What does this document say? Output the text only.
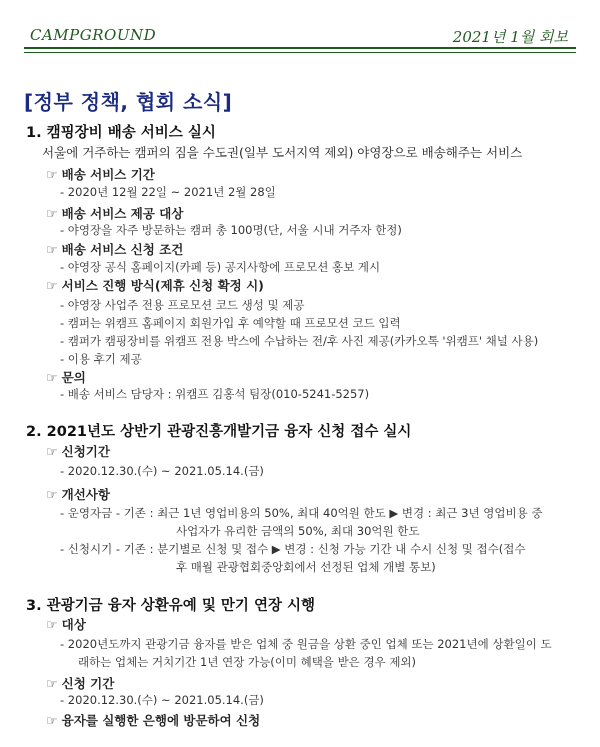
CAMPGROUND	2021년 1월 회보
[정부 정책, 협회 소식]
1. 캠핑장비 배송 서비스 실시
서울에 거주하는 캠퍼의 짐을 수도권(일부 도서지역 제외) 야영장으로 배송해주는 서비스
☞ 배송 서비스 기간
- 2020년 12월 22일 ~ 2021년 2월 28일
☞ 배송 서비스 제공 대상
- 야영장을 자주 방문하는 캠퍼 총 100명(단, 서울 시내 거주자 한정)
☞ 배송 서비스 신청 조건
- 야영장 공식 홈페이지(카페 등) 공지사항에 프로모션 홍보 게시
☞ 서비스 진행 방식(제휴 신청 확정 시)
- 야영장 사업주 전용 프로모션 코드 생성 및 제공
- 캠퍼는 위캠프 홈페이지 회원가입 후 예약할 때 프로모션 코드 입력
- 캠퍼가 캠핑장비를 위캠프 전용 박스에 수납하는 전/후 사진 제공(카카오톡 '위캠프' 채널 사용)
- 이용 후기 제공
☞ 문의
- 배송 서비스 담당자 : 위캠프 김홍석 팀장(010-5241-5257)
2. 2021년도 상반기 관광진흥개발기금 융자 신청 접수 실시
☞ 신청기간
- 2020.12.30.(수) ~ 2021.05.14.(금)
☞ 개선사항
- 운영자금 - 기존 : 최근 1년 영업비용의 50%, 최대 40억원 한도 ▶ 변경 : 최근 3년 영업비용 중
사업자가 유리한 금액의 50%, 최대 30억원 한도
- 신청시기 - 기존 : 분기별로 신청 및 접수 ▶ 변경 : 신청 가능 기간 내 수시 신청 및 접수(접수
후 매월 관광협회중앙회에서 선정된 업체 개별 통보)
3. 관광기금 융자 상환유예 및 만기 연장 시행
☞ 대상
- 2020년도까지 관광기금 융자를 받은 업체 중 원금을 상환 중인 업체 또는 2021년에 상환일이 도
래하는 업체는 거치기간 1년 연장 가능(이미 혜택을 받은 경우 제외)
☞ 신청 기간
- 2020.12.30.(수) ~ 2021.05.14.(금)
☞ 융자를 실행한 은행에 방문하여 신청
